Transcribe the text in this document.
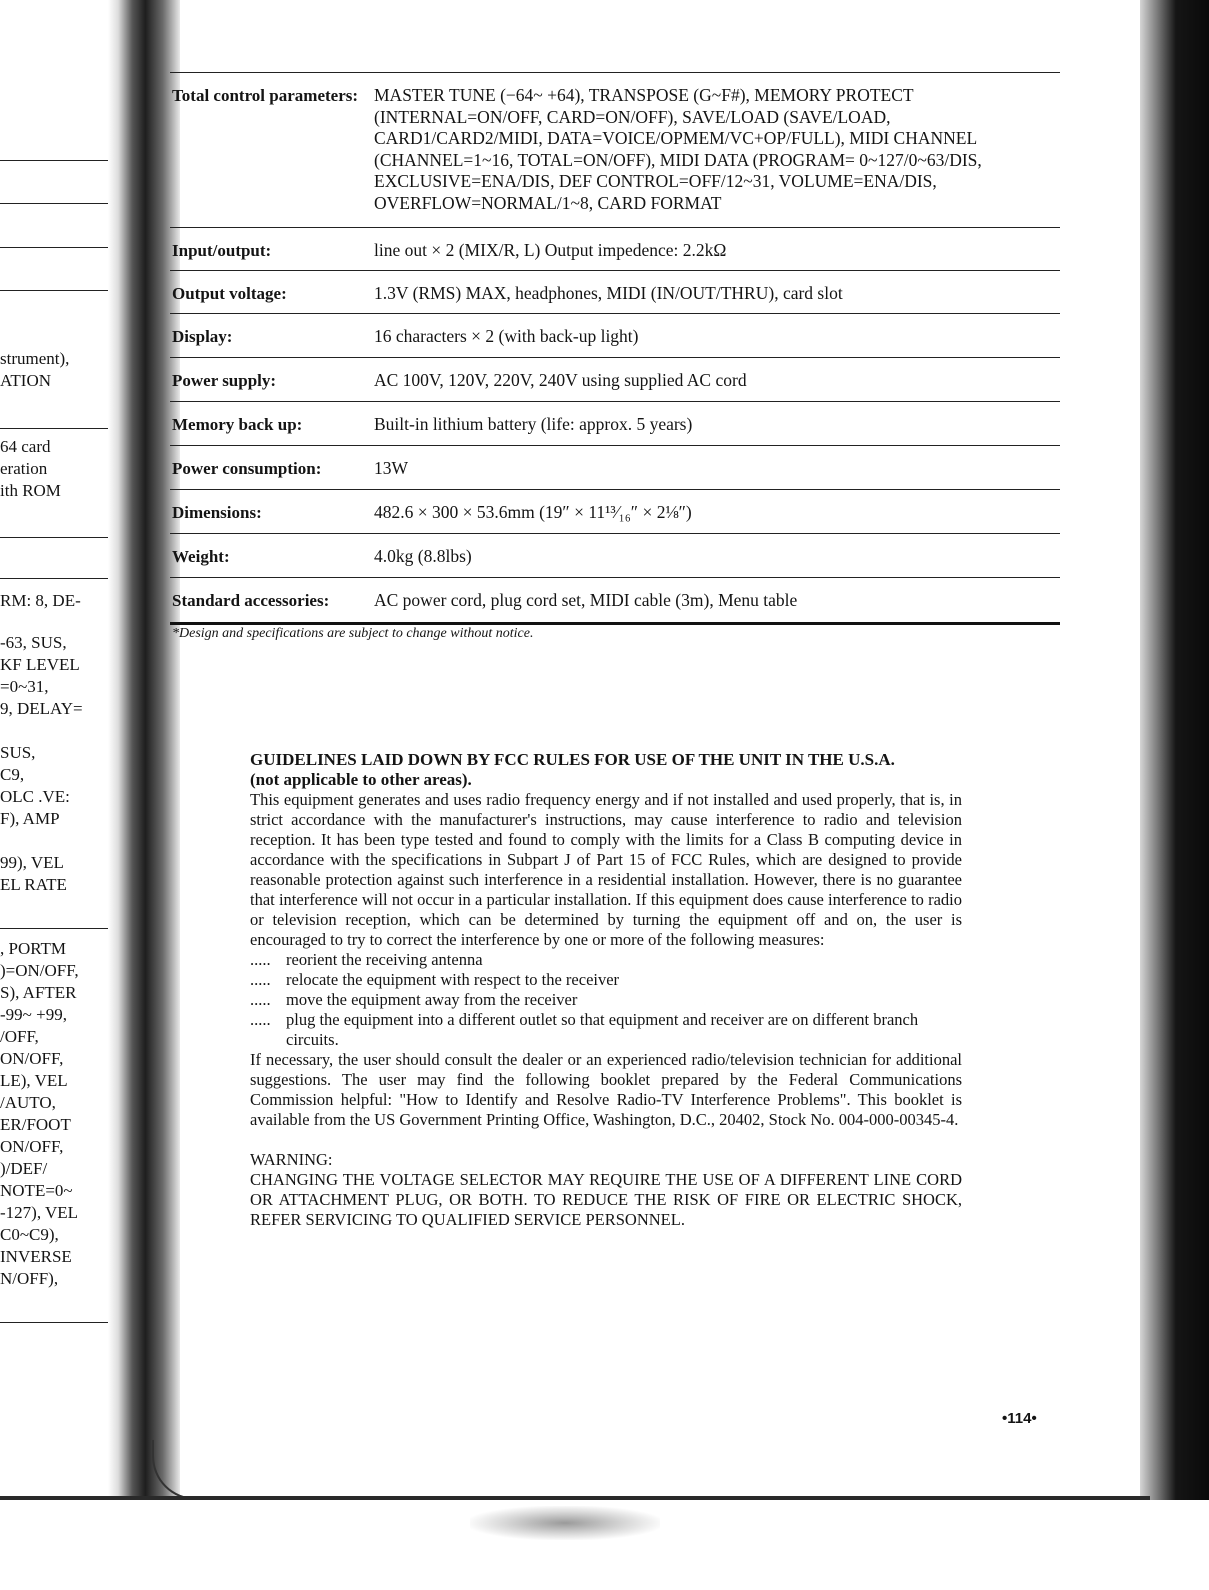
strument),
ATION
64 card
eration
ith ROM
RM: 8, DE-
-63, SUS,
KF LEVEL
=0~31,
9, DELAY=
SUS,
C9,
OLC .VE:
F), AMP
99), VEL
EL RATE
, PORTM
)=ON/OFF,
S), AFTER
-99~ +99,
/OFF,
ON/OFF,
LE), VEL
/AUTO,
ER/FOOT
ON/OFF,
)/DEF/
NOTE=0~
-127), VEL
C0~C9),
INVERSE
N/OFF),
Total control parameters: MASTER TUNE (−64~ +64), TRANSPOSE (G~F#), MEMORY PROTECT (INTERNAL=ON/OFF, CARD=ON/OFF), SAVE/LOAD (SAVE/LOAD, CARD1/CARD2/MIDI, DATA=VOICE/OPMEM/VC+OP/FULL), MIDI CHANNEL (CHANNEL=1~16, TOTAL=ON/OFF), MIDI DATA (PROGRAM= 0~127/0~63/DIS, EXCLUSIVE=ENA/DIS, DEF CONTROL=OFF/12~31, VOLUME=ENA/DIS, OVERFLOW=NORMAL/1~8, CARD FORMAT
Input/output:	line out × 2 (MIX/R, L) Output impedence: 2.2kΩ
Output voltage:	1.3V (RMS) MAX, headphones, MIDI (IN/OUT/THRU), card slot
Display:	16 characters × 2 (with back-up light)
Power supply:	AC 100V, 120V, 220V, 240V using supplied AC cord
Memory back up:	Built-in lithium battery (life: approx. 5 years)
Power consumption:	13W
Dimensions:	482.6 × 300 × 53.6mm (19″ × 11¹³⁄₁₆″ × 2⅛″)
Weight:	4.0kg (8.8lbs)
Standard accessories:	AC power cord, plug cord set, MIDI cable (3m), Menu table
*Design and specifications are subject to change without notice.
GUIDELINES LAID DOWN BY FCC RULES FOR USE OF THE UNIT IN THE U.S.A.
(not applicable to other areas).

This equipment generates and uses radio frequency energy and if not installed and used properly, that is, in strict accordance with the manufacturer's instructions, may cause interference to radio and television reception. It has been type tested and found to comply with the limits for a Class B computing device in accordance with the specifications in Subpart J of Part 15 of FCC Rules, which are designed to provide reasonable protection against such interference in a residential installation. However, there is no guarantee that interference will not occur in a particular installation. If this equipment does cause interference to radio or television reception, which can be determined by turning the equipment off and on, the user is encouraged to try to correct the interference by one or more of the following measures:

..... reorient the receiving antenna
..... relocate the equipment with respect to the receiver
..... move the equipment away from the receiver
..... plug the equipment into a different outlet so that equipment and receiver are on different branch circuits.

If necessary, the user should consult the dealer or an experienced radio/television technician for additional suggestions. The user may find the following booklet prepared by the Federal Communications Commission helpful: "How to Identify and Resolve Radio-TV Interference Problems". This booklet is available from the US Government Printing Office, Washington, D.C., 20402, Stock No. 004-000-00345-4.

WARNING:

CHANGING THE VOLTAGE SELECTOR MAY REQUIRE THE USE OF A DIFFERENT LINE CORD OR ATTACHMENT PLUG, OR BOTH. TO REDUCE THE RISK OF FIRE OR ELECTRIC SHOCK, REFER SERVICING TO QUALIFIED SERVICE PERSONNEL.

•114•
